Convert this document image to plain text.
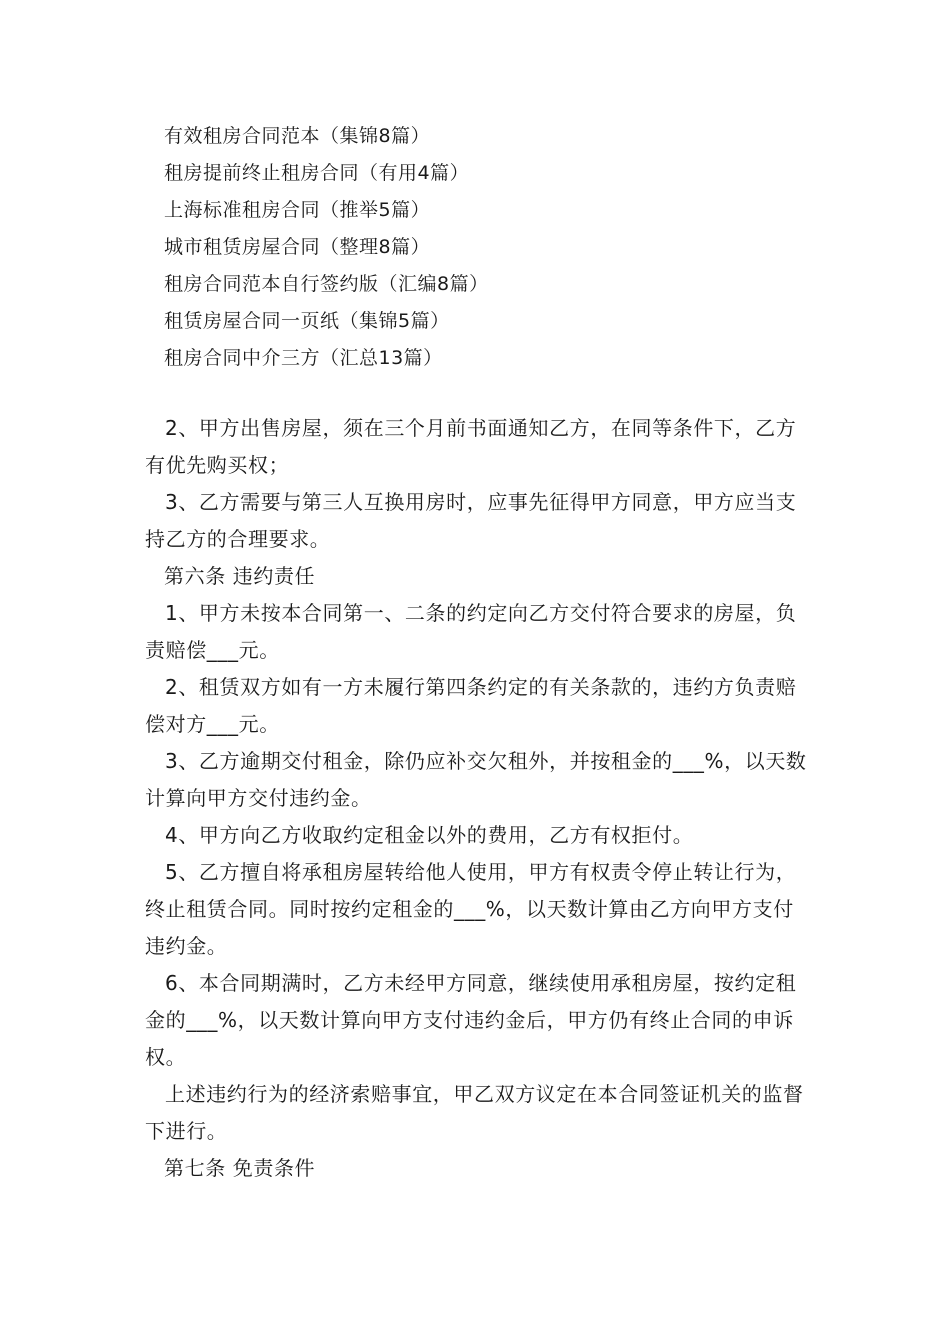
有效租房合同范本（集锦8篇）
租房提前终止租房合同（有用4篇）
上海标准租房合同（推举5篇）
城市租赁房屋合同（整理8篇）
租房合同范本自行签约版（汇编8篇）
租赁房屋合同一页纸（集锦5篇）
租房合同中介三方（汇总13篇）

2、甲方出售房屋，须在三个月前书面通知乙方，在同等条件下，乙方有优先购买权；

3、乙方需要与第三人互换用房时，应事先征得甲方同意，甲方应当支持乙方的合理要求。

第六条 违约责任

1、甲方未按本合同第一、二条的约定向乙方交付符合要求的房屋，负责赔偿___元。

2、租赁双方如有一方未履行第四条约定的有关条款的，违约方负责赔偿对方___元。

3、乙方逾期交付租金，除仍应补交欠租外，并按租金的___%，以天数计算向甲方交付违约金。

4、甲方向乙方收取约定租金以外的费用，乙方有权拒付。

5、乙方擅自将承租房屋转给他人使用，甲方有权责令停止转让行为，终止租赁合同。同时按约定租金的___%，以天数计算由乙方向甲方支付违约金。

6、本合同期满时，乙方未经甲方同意，继续使用承租房屋，按约定租金的___%，以天数计算向甲方支付违约金后，甲方仍有终止合同的申诉权。

上述违约行为的经济索赔事宜，甲乙双方议定在本合同签证机关的监督下进行。

第七条 免责条件
